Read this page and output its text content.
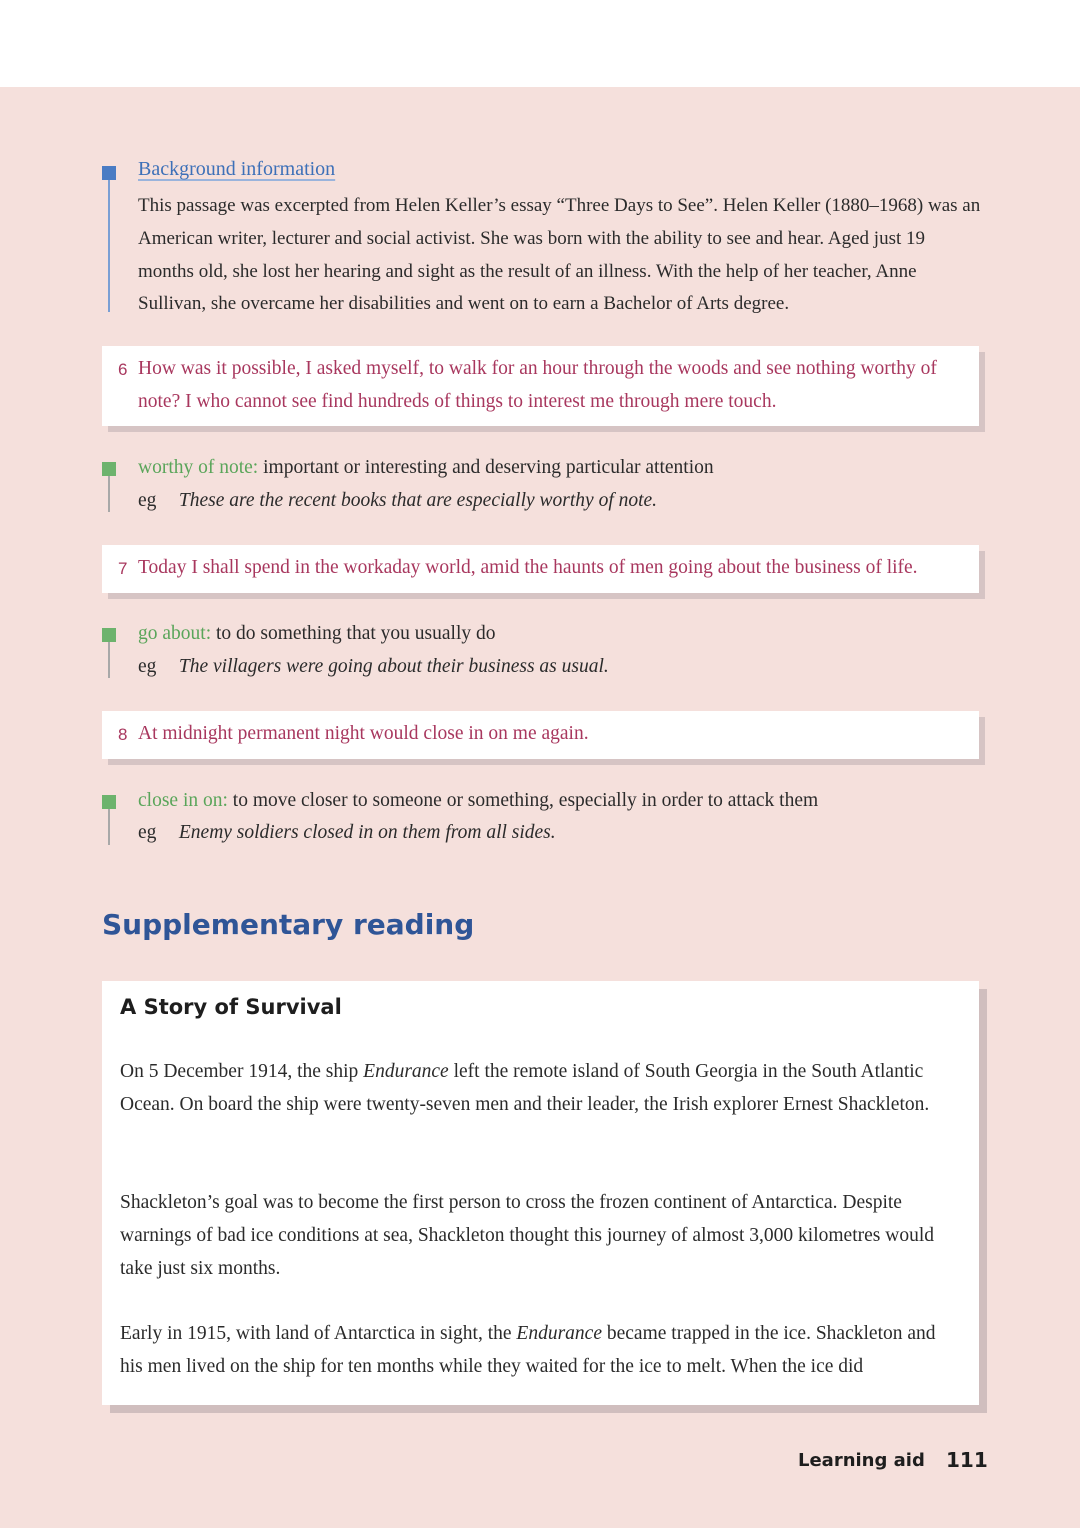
Background information

This passage was excerpted from Helen Keller’s essay “Three Days to See”. Helen Keller (1880–1968) was an American writer, lecturer and social activist. She was born with the ability to see and hear. Aged just 19 months old, she lost her hearing and sight as the result of an illness. With the help of her teacher, Anne Sullivan, she overcame her disabilities and went on to earn a Bachelor of Arts degree.

6 How was it possible, I asked myself, to walk for an hour through the woods and see nothing worthy of note? I who cannot see find hundreds of things to interest me through mere touch.

worthy of note: important or interesting and deserving particular attention
eg These are the recent books that are especially worthy of note.
7 Today I shall spend in the workaday world, amid the haunts of men going about the business of life.

go about: to do something that you usually do
eg The villagers were going about their business as usual.
8 At midnight permanent night would close in on me again.

close in on: to move closer to someone or something, especially in order to attack them
eg Enemy soldiers closed in on them from all sides.
Supplementary reading
A Story of Survival

On 5 December 1914, the ship Endurance left the remote island of South Georgia in the South Atlantic Ocean. On board the ship were twenty-seven men and their leader, the Irish explorer Ernest Shackleton.

Shackleton’s goal was to become the first person to cross the frozen continent of Antarctica. Despite warnings of bad ice conditions at sea, Shackleton thought this journey of almost 3,000 kilometres would take just six months.

Early in 1915, with land of Antarctica in sight, the Endurance became trapped in the ice. Shackleton and his men lived on the ship for ten months while they waited for the ice to melt. When the ice did

Learning aid 111
